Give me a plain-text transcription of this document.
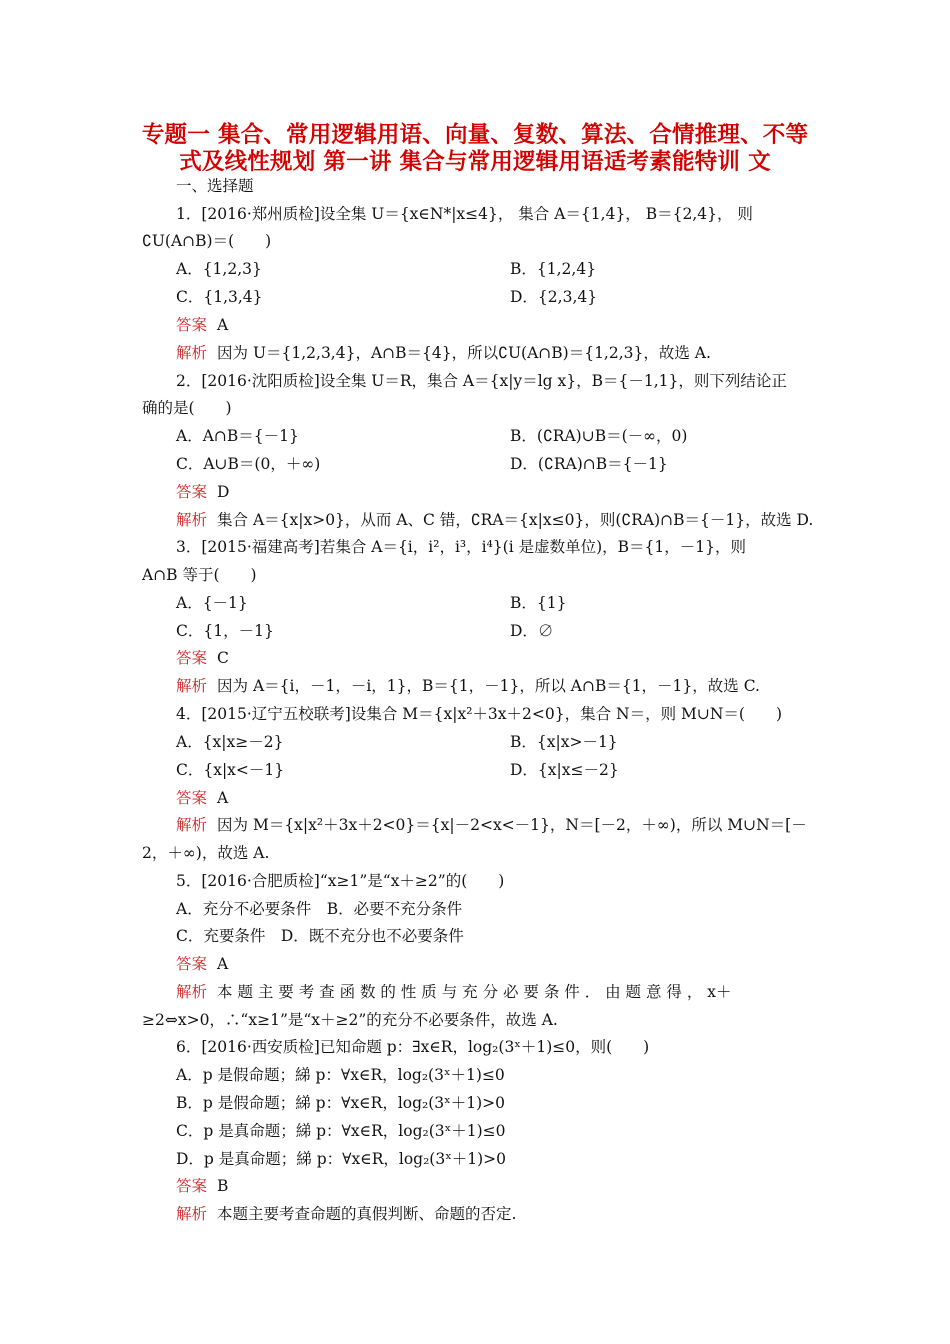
专题一 集合、常用逻辑用语、向量、复数、算法、合情推理、不等
式及线性规划 第一讲 集合与常用逻辑用语适考素能特训 文
一、选择题
1．[2016·郑州质检]设全集 U＝{x∈N*|x≤4}， 集合 A＝{1,4}， B＝{2,4}， 则
∁U(A∩B)＝(　　)
A．{1,2,3}	B．{1,2,4}
C．{1,3,4}	D．{2,3,4}
答案 A
解析 因为 U＝{1,2,3,4}，A∩B＝{4}，所以∁U(A∩B)＝{1,2,3}，故选 A.
2．[2016·沈阳质检]设全集 U＝R，集合 A＝{x|y＝lg x}，B＝{－1,1}，则下列结论正
确的是(　　)
A．A∩B＝{－1}	B．(∁RA)∪B＝(－∞，0)
C．A∪B＝(0，＋∞)	D．(∁RA)∩B＝{－1}
答案 D
解析 集合 A＝{x|x>0}，从而 A、C 错，∁RA＝{x|x≤0}，则(∁RA)∩B＝{－1}，故选 D.
3．[2015·福建高考]若集合 A＝{i，i²，i³，i⁴}(i 是虚数单位)，B＝{1，－1}，则
A∩B 等于(　　)
A．{－1}	B．{1}
C．{1，－1}	D．∅
答案 C
解析 因为 A＝{i，－1，－i，1}，B＝{1，－1}，所以 A∩B＝{1，－1}，故选 C.
4．[2015·辽宁五校联考]设集合 M＝{x|x²＋3x＋2<0}，集合 N＝，则 M∪N＝(　　)
A．{x|x≥－2}	B．{x|x>－1}
C．{x|x<－1}	D．{x|x≤－2}
答案 A
解析 因为 M＝{x|x²＋3x＋2<0}＝{x|－2<x<－1}，N＝[－2，＋∞)，所以 M∪N＝[－
2，＋∞)，故选 A.
5．[2016·合肥质检]“x≥1”是“x＋≥2”的(　　)
A．充分不必要条件　B．必要不充分条件
C．充要条件　D．既不充分也不必要条件
答案 A
解析 本 题 主 要 考 查 函 数 的 性 质 与 充 分 必 要 条 件 ． 由 题 意 得 ， x＋
≥2⇔x>0，∴“x≥1”是“x＋≥2”的充分不必要条件，故选 A.
6．[2016·西安质检]已知命题 p：∃x∈R，log₂(3ˣ＋1)≤0，则(　　)
A．p 是假命题；綈 p：∀x∈R，log₂(3ˣ＋1)≤0
B．p 是假命题；綈 p：∀x∈R，log₂(3ˣ＋1)>0
C．p 是真命题；綈 p：∀x∈R，log₂(3ˣ＋1)≤0
D．p 是真命题；綈 p：∀x∈R，log₂(3ˣ＋1)>0
答案 B
解析 本题主要考查命题的真假判断、命题的否定.
